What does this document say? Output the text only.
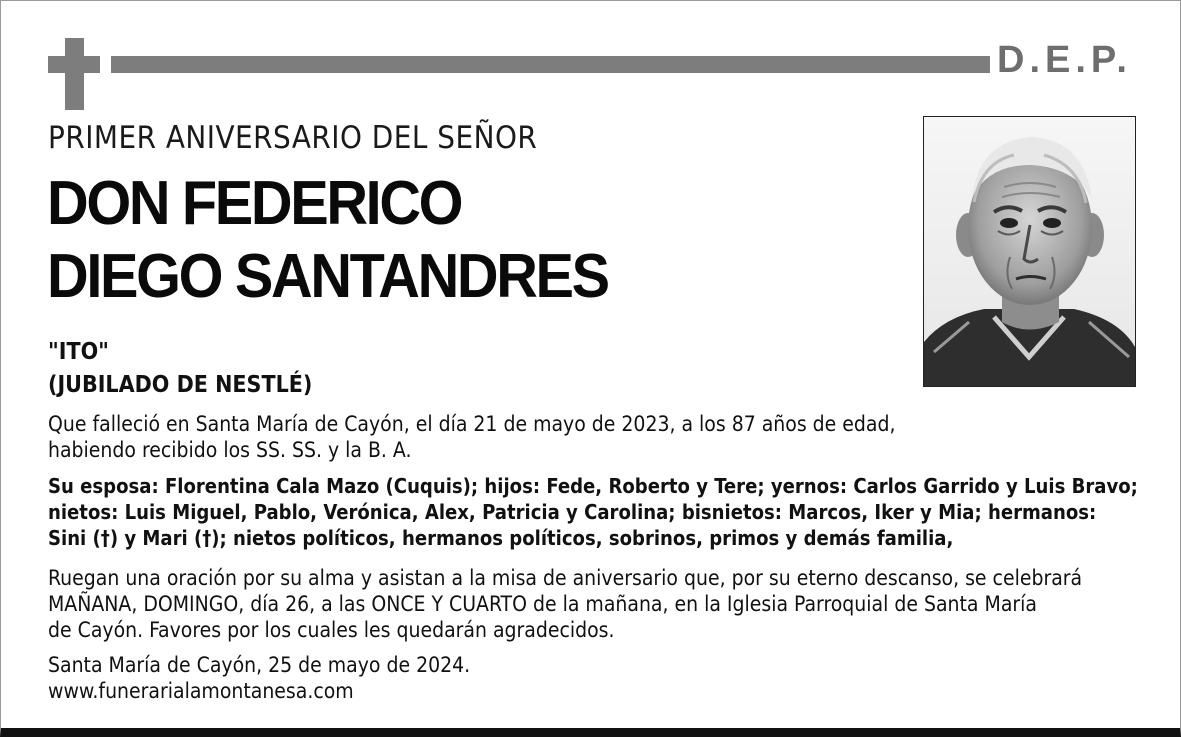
D.E.P.
PRIMER ANIVERSARIO DEL SEÑOR
DON FEDERICO
DIEGO SANTANDRES
"ITO"
(JUBILADO DE NESTLÉ)
Que falleció en Santa María de Cayón, el día 21 de mayo de 2023, a los 87 años de edad,
habiendo recibido los SS. SS. y la B. A.
Su esposa: Florentina Cala Mazo (Cuquis); hijos: Fede, Roberto y Tere; yernos: Carlos Garrido y Luis Bravo;
nietos: Luis Miguel, Pablo, Verónica, Alex, Patricia y Carolina; bisnietos: Marcos, Iker y Mia; hermanos:
Sini (†) y Mari (†); nietos políticos, hermanos políticos, sobrinos, primos y demás familia,
Ruegan una oración por su alma y asistan a la misa de aniversario que, por su eterno descanso, se celebrará
MAÑANA, DOMINGO, día 26, a las ONCE Y CUARTO de la mañana, en la Iglesia Parroquial de Santa María
de Cayón. Favores por los cuales les quedarán agradecidos.
Santa María de Cayón, 25 de mayo de 2024.
www.funerarialamontanesa.com
